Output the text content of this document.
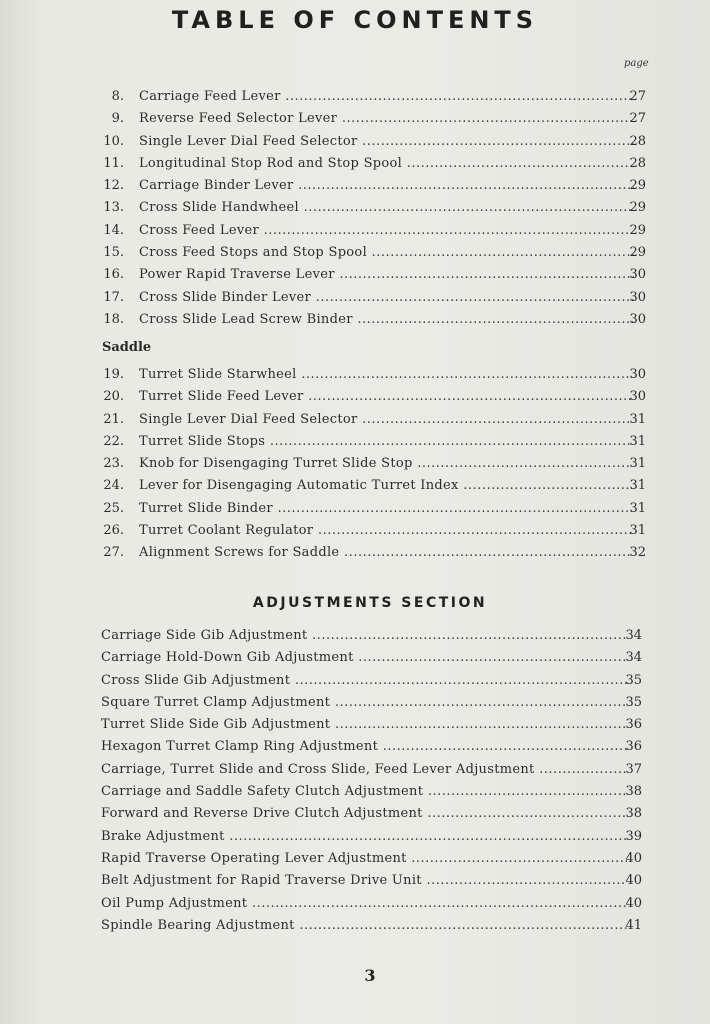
TABLE OF CONTENTS
page
8. Carriage Feed Lever .....	27
9. Reverse Feed Selector Lever .....	27
10. Single Lever Dial Feed Selector .....	28
11. Longitudinal Stop Rod and Stop Spool .....	28
12. Carriage Binder Lever .....	29
13. Cross Slide Handwheel .....	29
14. Cross Feed Lever .....	29
15. Cross Feed Stops and Stop Spool .....	29
16. Power Rapid Traverse Lever .....	30
17. Cross Slide Binder Lever .....	30
18. Cross Slide Lead Screw Binder .....	30
Saddle
19. Turret Slide Starwheel .....	30
20. Turret Slide Feed Lever .....	30
21. Single Lever Dial Feed Selector .....	31
22. Turret Slide Stops .....	31
23. Knob for Disengaging Turret Slide Stop .....	31
24. Lever for Disengaging Automatic Turret Index .....	31
25. Turret Slide Binder .....	31
26. Turret Coolant Regulator .....	31
27. Alignment Screws for Saddle .....	32
ADJUSTMENTS SECTION
Carriage Side Gib Adjustment .....	34
Carriage Hold-Down Gib Adjustment .....	34
Cross Slide Gib Adjustment .....	35
Square Turret Clamp Adjustment .....	35
Turret Slide Side Gib Adjustment .....	36
Hexagon Turret Clamp Ring Adjustment .....	36
Carriage, Turret Slide and Cross Slide, Feed Lever Adjustment .....	37
Carriage and Saddle Safety Clutch Adjustment .....	38
Forward and Reverse Drive Clutch Adjustment .....	38
Brake Adjustment .....	39
Rapid Traverse Operating Lever Adjustment .....	40
Belt Adjustment for Rapid Traverse Drive Unit .....	40
Oil Pump Adjustment .....	40
Spindle Bearing Adjustment .....	41
3
